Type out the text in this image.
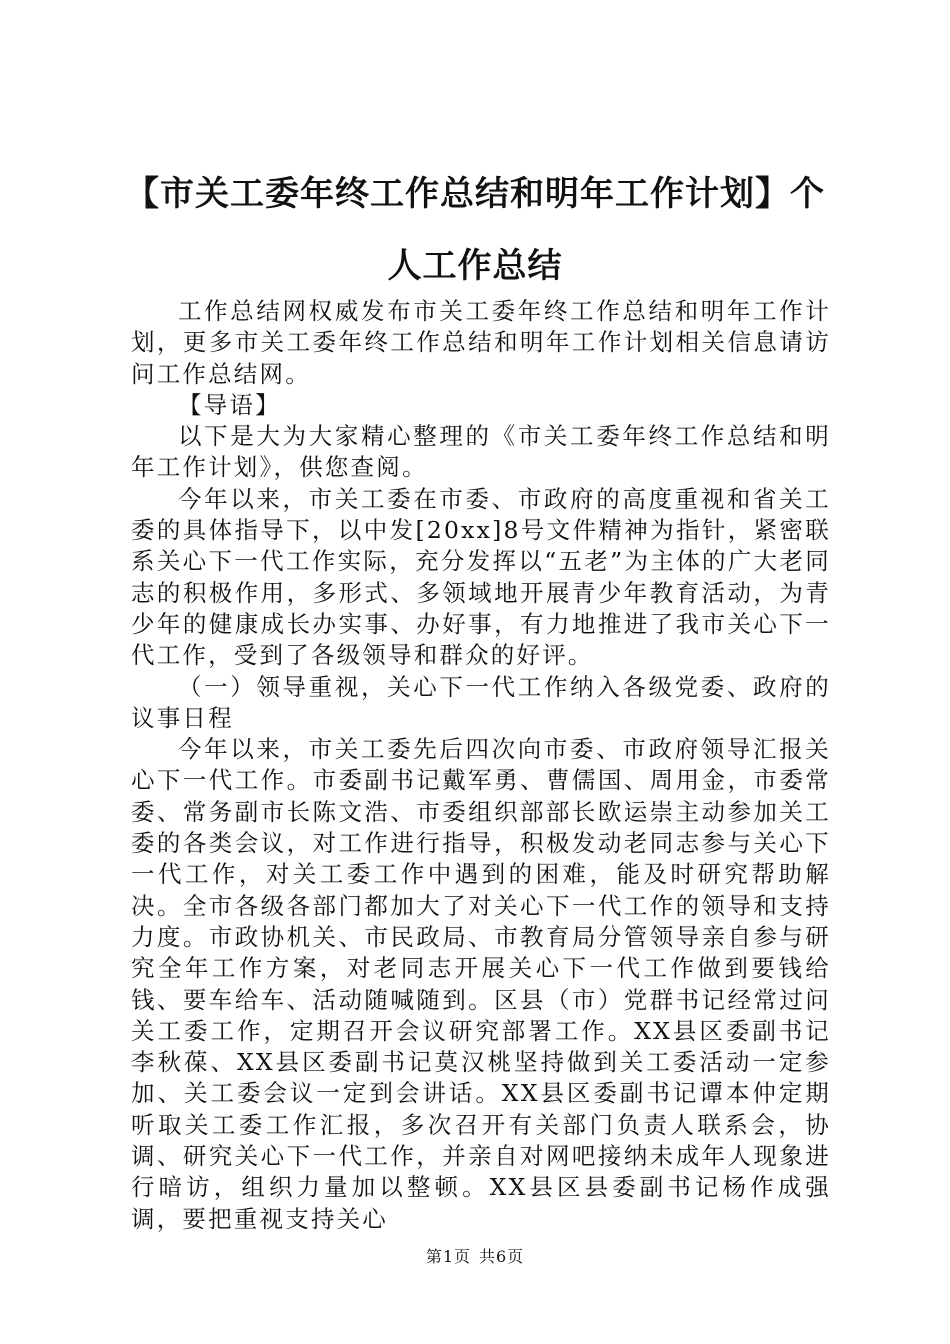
【市关工委年终工作总结和明年工作计划】个人工作总结

工作总结网权威发布市关工委年终工作总结和明年工作计划，更多市关工委年终工作总结和明年工作计划相关信息请访问工作总结网。

【导语】

以下是大为大家精心整理的《市关工委年终工作总结和明年工作计划》，供您查阅。

今年以来，市关工委在市委、市政府的高度重视和省关工委的具体指导下，以中发[20xx]8号文件精神为指针，紧密联系关心下一代工作实际，充分发挥以“五老”为主体的广大老同志的积极作用，多形式、多领域地开展青少年教育活动，为青少年的健康成长办实事、办好事，有力地推进了我市关心下一代工作，受到了各级领导和群众的好评。

（一）领导重视，关心下一代工作纳入各级党委、政府的议事日程

今年以来，市关工委先后四次向市委、市政府领导汇报关心下一代工作。市委副书记戴军勇、曹儒国、周用金，市委常委、常务副市长陈文浩、市委组织部部长欧运崇主动参加关工委的各类会议，对工作进行指导，积极发动老同志参与关心下一代工作，对关工委工作中遇到的困难，能及时研究帮助解决。全市各级各部门都加大了对关心下一代工作的领导和支持力度。市政协机关、市民政局、市教育局分管领导亲自参与研究全年工作方案，对老同志开展关心下一代工作做到要钱给钱、要车给车、活动随喊随到。区县（市）党群书记经常过问关工委工作，定期召开会议研究部署工作。XX县区委副书记李秋葆、XX县区委副书记莫汉桃坚持做到关工委活动一定参加、关工委会议一定到会讲话。XX县区委副书记谭本仲定期听取关工委工作汇报，多次召开有关部门负责人联系会，协调、研究关心下一代工作，并亲自对网吧接纳未成年人现象进行暗访，组织力量加以整顿。XX县区县委副书记杨作成强调，要把重视支持关心

第1页 共6页
